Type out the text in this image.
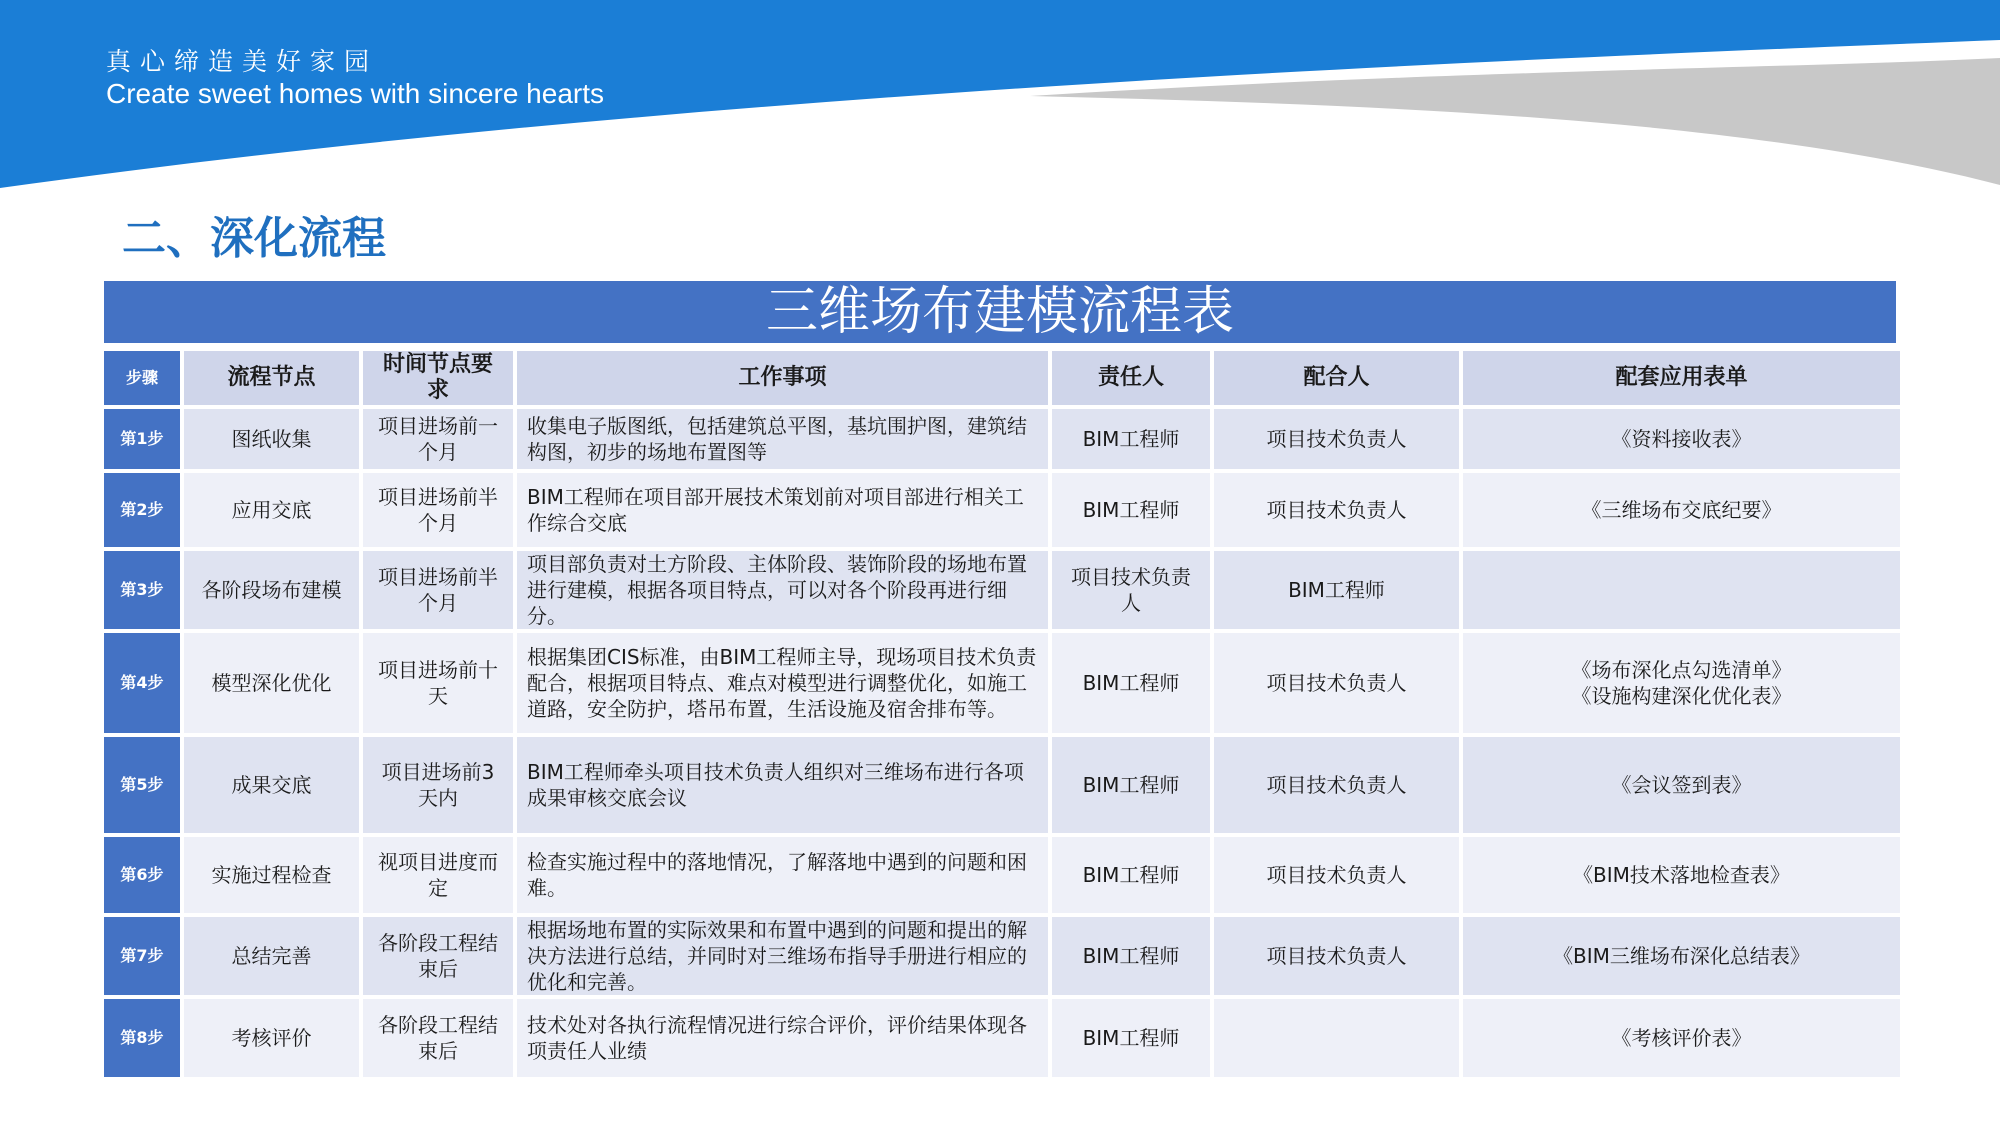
真心缔造美好家园
Create sweet homes with sincere hearts
二、深化流程
三维场布建模流程表
步骤	流程节点	时间节点要求	工作事项	责任人	配合人	配套应用表单
第1步	图纸收集	项目进场前一个月	收集电子版图纸，包括建筑总平图，基坑围护图，建筑结构图，初步的场地布置图等	BIM工程师	项目技术负责人	《资料接收表》

第2步	应用交底	项目进场前半个月	BIM工程师在项目部开展技术策划前对项目部进行相关工作综合交底	BIM工程师	项目技术负责人	《三维场布交底纪要》

第3步	各阶段场布建模	项目进场前半个月	项目部负责对土方阶段、主体阶段、装饰阶段的场地布置进行建模，根据各项目特点，可以对各个阶段再进行细分。	项目技术负责人	BIM工程师	
第4步	模型深化优化	项目进场前十天	根据集团CIS标准，由BIM工程师主导，现场项目技术负责配合，根据项目特点、难点对模型进行调整优化，如施工道路，安全防护，塔吊布置，生活设施及宿舍排布等。	BIM工程师	项目技术负责人	《场布深化点勾选清单》
《设施构建深化优化表》

第5步	成果交底	项目进场前3天内	BIM工程师牵头项目技术负责人组织对三维场布进行各项成果审核交底会议	BIM工程师	项目技术负责人	《会议签到表》

第6步	实施过程检查	视项目进度而定	检查实施过程中的落地情况，了解落地中遇到的问题和困难。	BIM工程师	项目技术负责人	《BIM技术落地检查表》

第7步	总结完善	各阶段工程结束后	根据场地布置的实际效果和布置中遇到的问题和提出的解决方法进行总结，并同时对三维场布指导手册进行相应的优化和完善。	BIM工程师	项目技术负责人	《BIM三维场布深化总结表》

第8步	考核评价	各阶段工程结束后	技术处对各执行流程情况进行综合评价，评价结果体现各项责任人业绩	BIM工程师		《考核评价表》
